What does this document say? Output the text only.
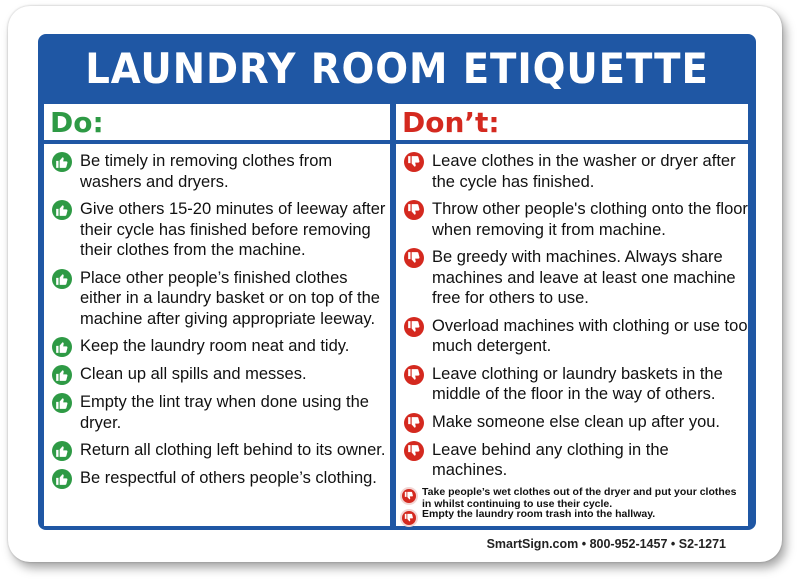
LAUNDRY ROOM ETIQUETTE
Do:
Be timely in removing clothes from washers and dryers.
Give others 15-20 minutes of leeway after their cycle has finished before removing their clothes from the machine.
Place other people’s finished clothes either in a laundry basket or on top of the machine after giving appropriate leeway.
Keep the laundry room neat and tidy.
Clean up all spills and messes.
Empty the lint tray when done using the dryer.
Return all clothing left behind to its owner.
Be respectful of others people’s clothing.
Don’t:
Leave clothes in the washer or dryer after the cycle has finished.
Throw other people's clothing onto the floor when removing it from machine.
Be greedy with machines. Always share machines and leave at least one machine free for others to use.
Overload machines with clothing or use too much detergent.
Leave clothing or laundry baskets in the middle of the floor in the way of others.
Make someone else clean up after you.
Leave behind any clothing in the machines.
Take people’s wet clothes out of the dryer and put your clothes in whilst continuing to use their cycle.
Empty the laundry room trash into the hallway.
SmartSign.com • 800-952-1457 • S2-1271
